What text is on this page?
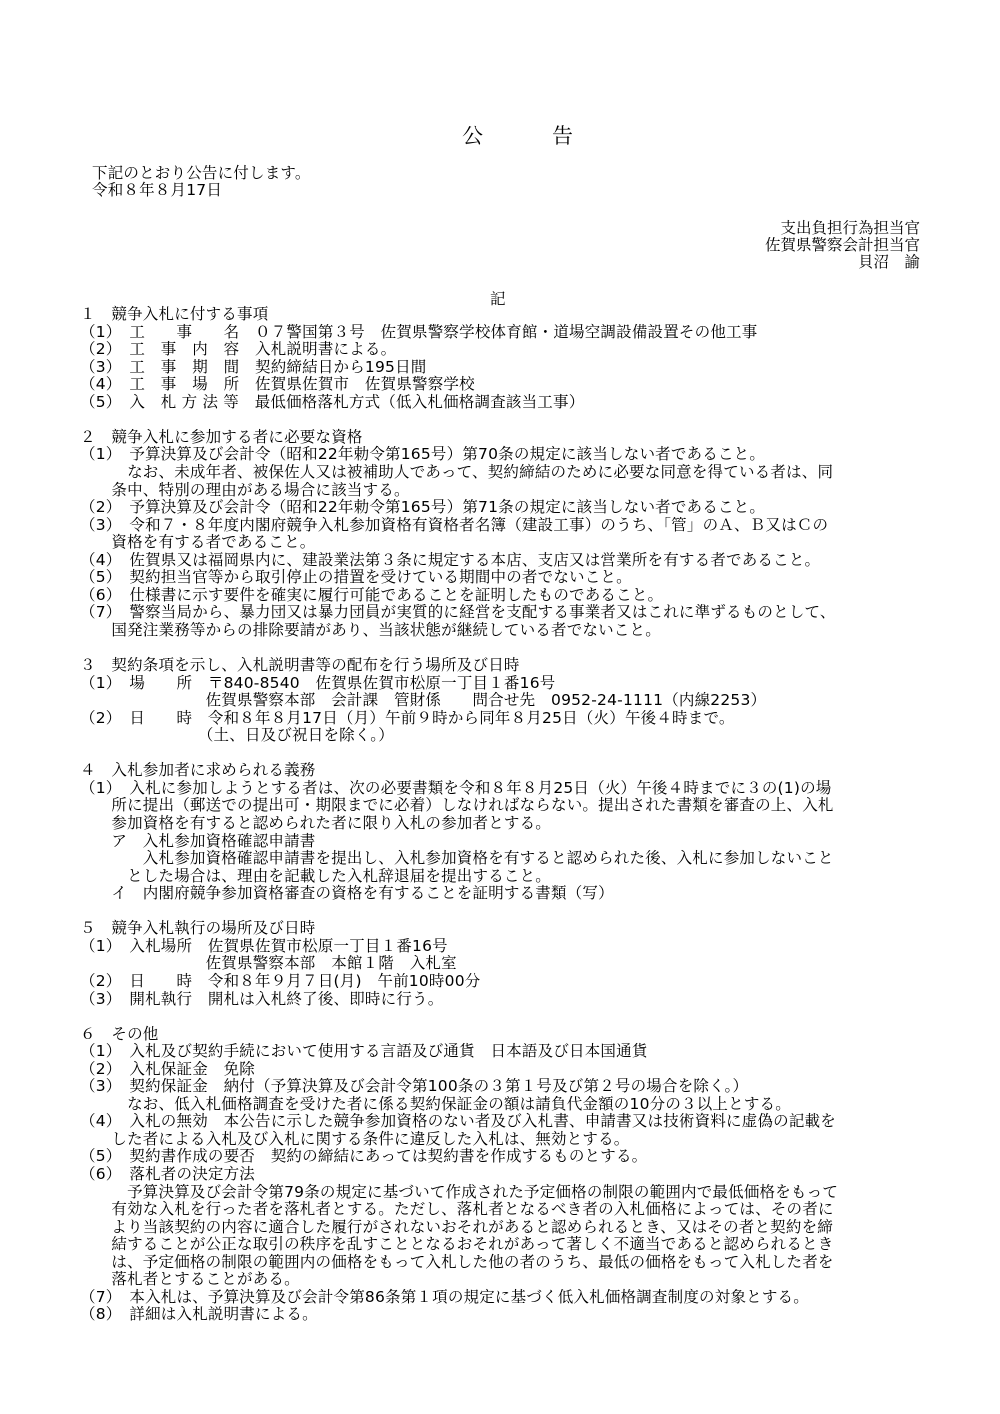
公　告
下記のとおり公告に付します。
令和８年８月17日
支出負担行為担当官
佐賀県警察会計担当官
貝沼　諭
記
１　競争入札に付する事項
（1）　工　　事　　名　０７警国第３号　佐賀県警察学校体育館・道場空調設備設置その他工事
（2）　工　事　内　容　入札説明書による。
（3）　工　事　期　間　契約締結日から195日間
（4）　工　事　場　所　佐賀県佐賀市　佐賀県警察学校
（5）　入　札 方 法 等　最低価格落札方式（低入札価格調査該当工事）
２　競争入札に参加する者に必要な資格
（1）　予算決算及び会計令（昭和22年勅令第165号）第70条の規定に該当しない者であること。
　　　なお、未成年者、被保佐人又は被補助人であって、契約締結のために必要な同意を得ている者は、同
　　条中、特別の理由がある場合に該当する。
（2）　予算決算及び会計令（昭和22年勅令第165号）第71条の規定に該当しない者であること。
（3）　令和７・８年度内閣府競争入札参加資格有資格者名簿（建設工事）のうち、「管」のＡ、Ｂ又はＣの
　　資格を有する者であること。
（4）　佐賀県又は福岡県内に、建設業法第３条に規定する本店、支店又は営業所を有する者であること。
（5）　契約担当官等から取引停止の措置を受けている期間中の者でないこと。
（6）　仕様書に示す要件を確実に履行可能であることを証明したものであること。
（7）　警察当局から、暴力団又は暴力団員が実質的に経営を支配する事業者又はこれに準ずるものとして、
　　国発注業務等からの排除要請があり、当該状態が継続している者でないこと。
３　契約条項を示し、入札説明書等の配布を行う場所及び日時
（1）　場　　所　〒840-8540　佐賀県佐賀市松原一丁目１番16号
　　　　　　　　佐賀県警察本部　会計課　管財係　　問合せ先　0952-24-1111（内線2253）
（2）　日　　時　令和８年８月17日（月）午前９時から同年８月25日（火）午後４時まで。
　　　　　　　　（土、日及び祝日を除く。）
４　入札参加者に求められる義務
（1）　入札に参加しようとする者は、次の必要書類を令和８年８月25日（火）午後４時までに３の(1)の場
　　所に提出（郵送での提出可・期限までに必着）しなければならない。提出された書類を審査の上、入札
　　参加資格を有すると認められた者に限り入札の参加者とする。
　　ア　入札参加資格確認申請書
　　　　入札参加資格確認申請書を提出し、入札参加資格を有すると認められた後、入札に参加しないこと
　　　とした場合は、理由を記載した入札辞退届を提出すること。
　　イ　内閣府競争参加資格審査の資格を有することを証明する書類（写）
５　競争入札執行の場所及び日時
（1）　入札場所　佐賀県佐賀市松原一丁目１番16号
　　　　　　　　佐賀県警察本部　本館１階　入札室
（2）　日　　時　令和８年９月７日(月)　午前10時00分
（3）　開札執行　開札は入札終了後、即時に行う。
６　その他
（1）　入札及び契約手続において使用する言語及び通貨　日本語及び日本国通貨
（2）　入札保証金　免除
（3）　契約保証金　納付（予算決算及び会計令第100条の３第１号及び第２号の場合を除く。）
　　　なお、低入札価格調査を受けた者に係る契約保証金の額は請負代金額の10分の３以上とする。
（4）　入札の無効　本公告に示した競争参加資格のない者及び入札書、申請書又は技術資料に虚偽の記載を
　　した者による入札及び入札に関する条件に違反した入札は、無効とする。
（5）　契約書作成の要否　契約の締結にあっては契約書を作成するものとする。
（6）　落札者の決定方法
　　　予算決算及び会計令第79条の規定に基づいて作成された予定価格の制限の範囲内で最低価格をもって
　　有効な入札を行った者を落札者とする。ただし、落札者となるべき者の入札価格によっては、その者に
　　より当該契約の内容に適合した履行がされないおそれがあると認められるとき、又はその者と契約を締
　　結することが公正な取引の秩序を乱すこととなるおそれがあって著しく不適当であると認められるとき
　　は、予定価格の制限の範囲内の価格をもって入札した他の者のうち、最低の価格をもって入札した者を
　　落札者とすることがある。
（7）　本入札は、予算決算及び会計令第86条第１項の規定に基づく低入札価格調査制度の対象とする。
（8）　詳細は入札説明書による。
